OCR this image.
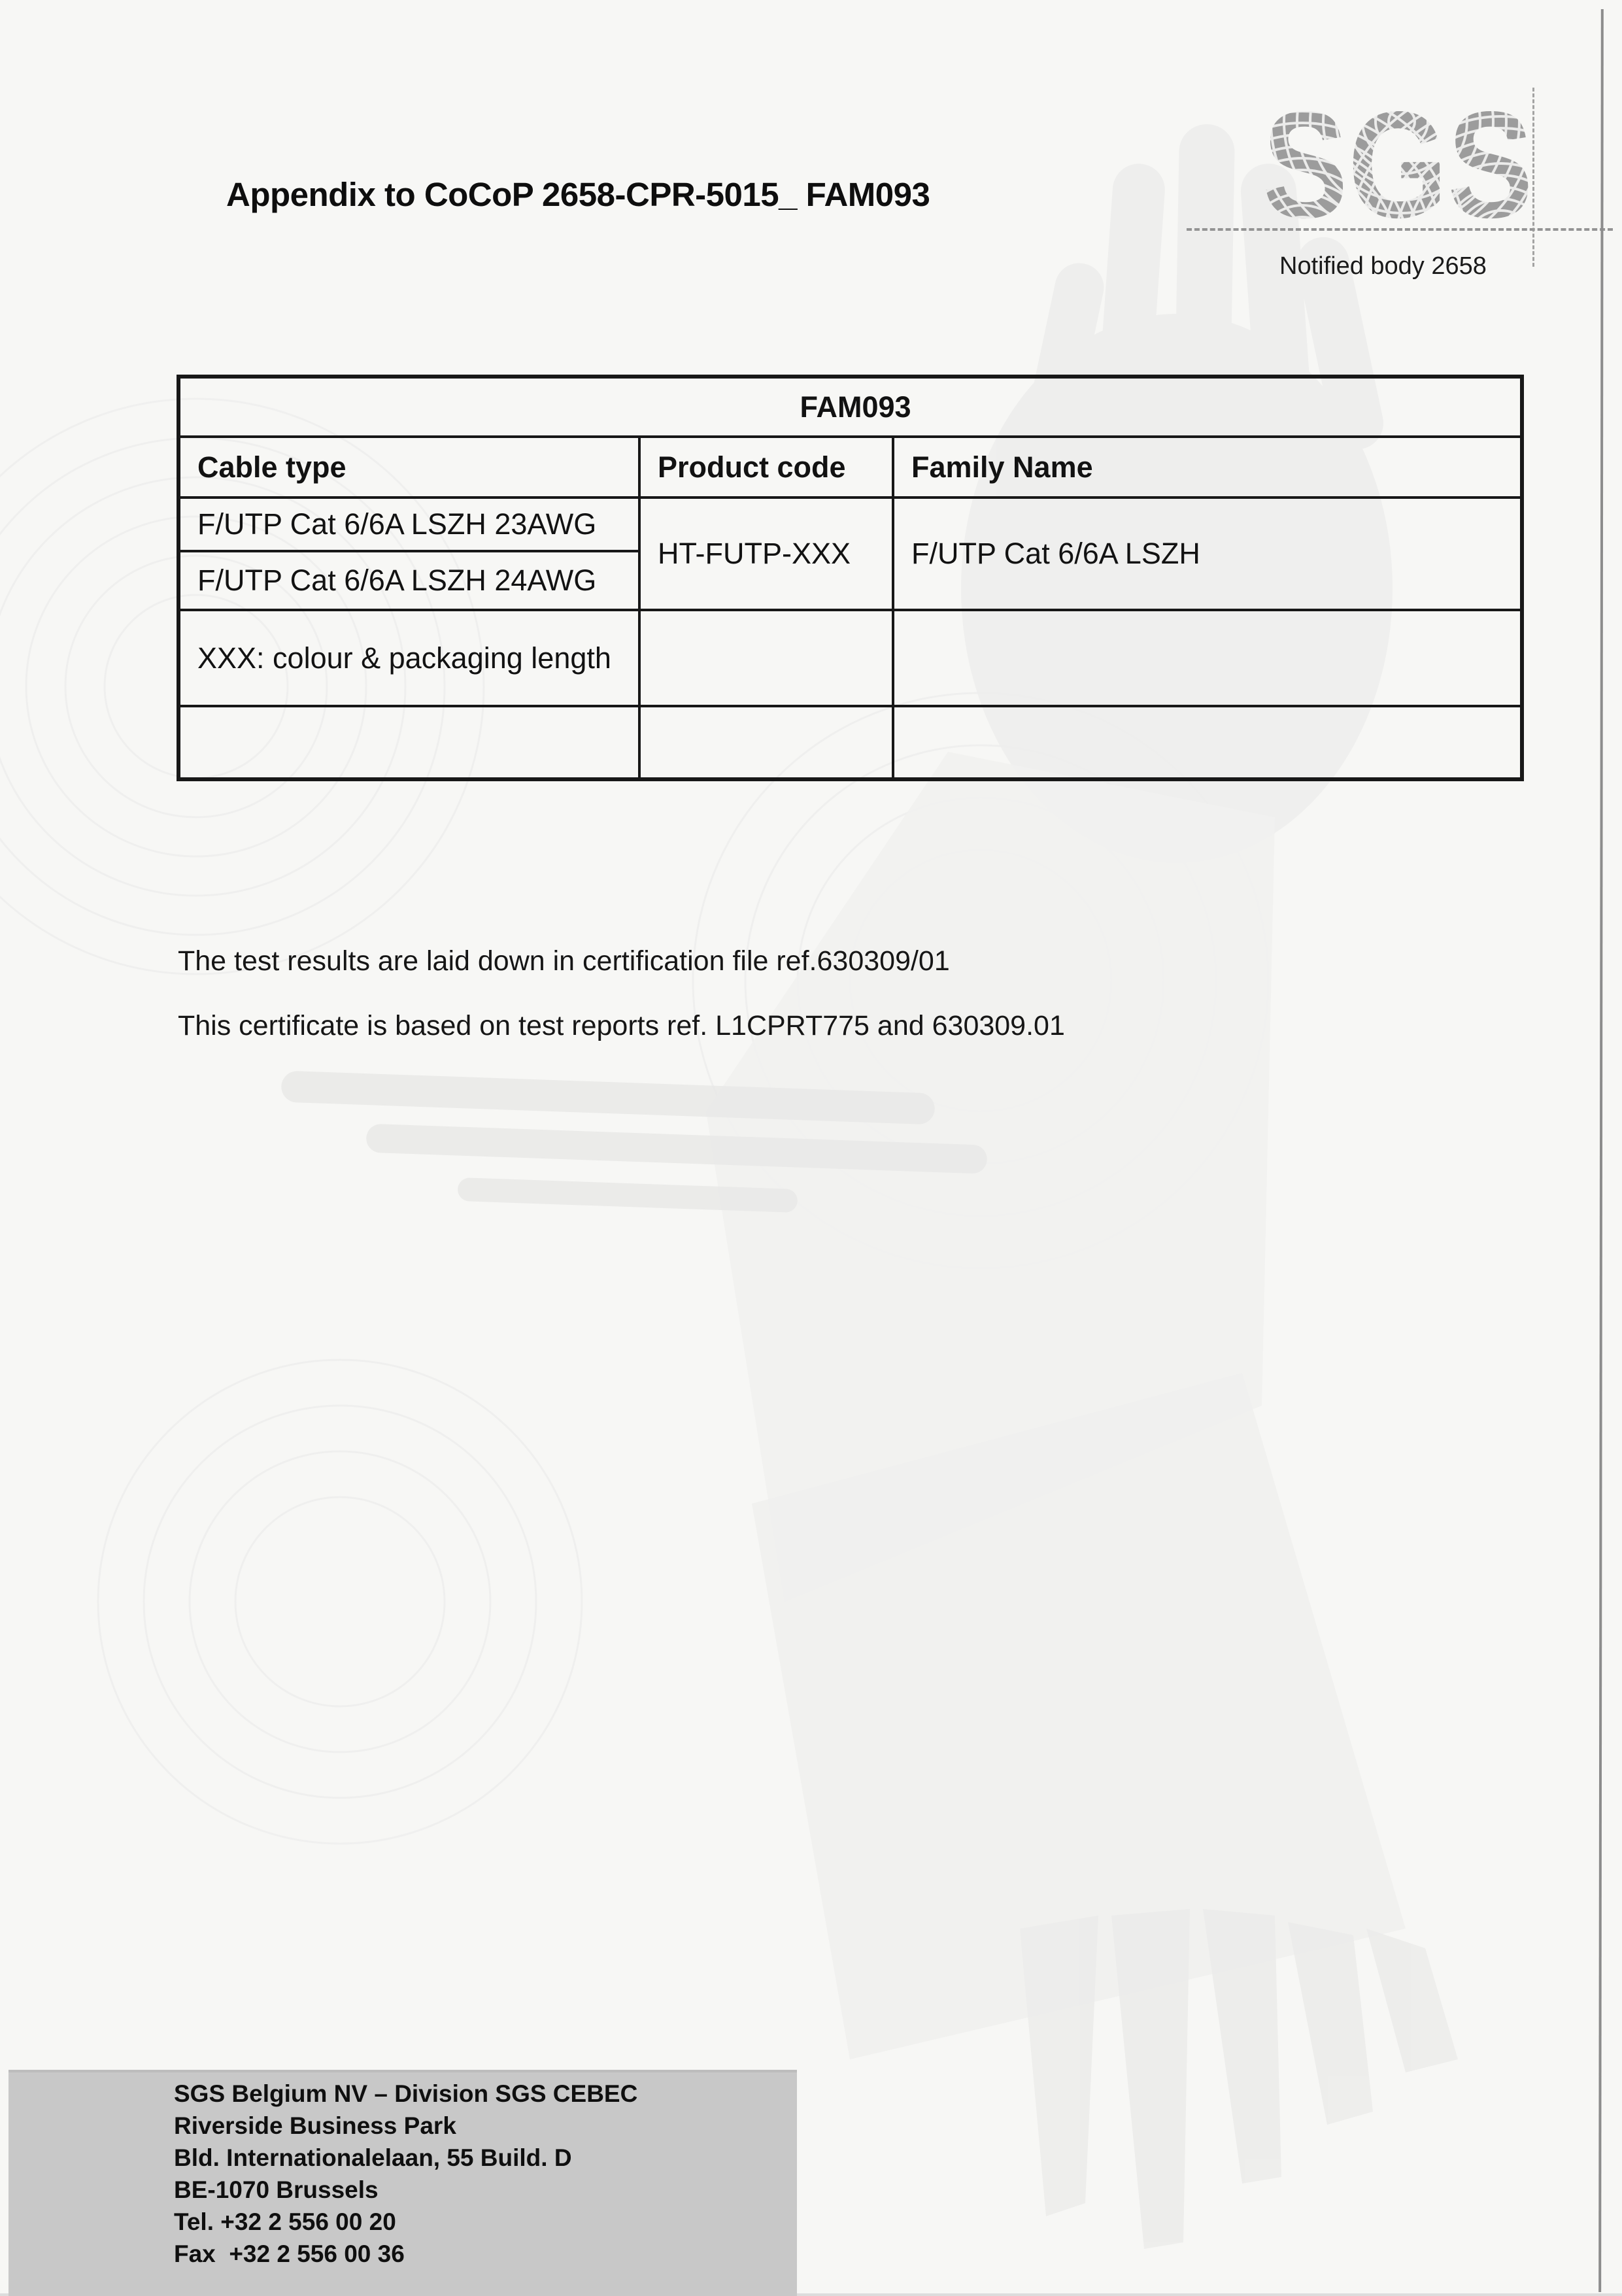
Appendix to CoCoP 2658-CPR-5015_ FAM093
Notified body 2658
FAM093		
Cable type	Product code	Family Name
F/UTP Cat 6/6A LSZH 23AWG	HT-FUTP-XXX	F/UTP Cat 6/6A LSZH
F/UTP Cat 6/6A LSZH 24AWG		
XXX: colour & packaging length		

The test results are laid down in certification file ref.630309/01

This certificate is based on test reports ref. L1CPRT775 and 630309.01

SGS Belgium NV – Division SGS CEBEC
Riverside Business Park
Bld. Internationalelaan, 55 Build. D
BE-1070 Brussels
Tel. +32 2 556 00 20
Fax  +32 2 556 00 36
